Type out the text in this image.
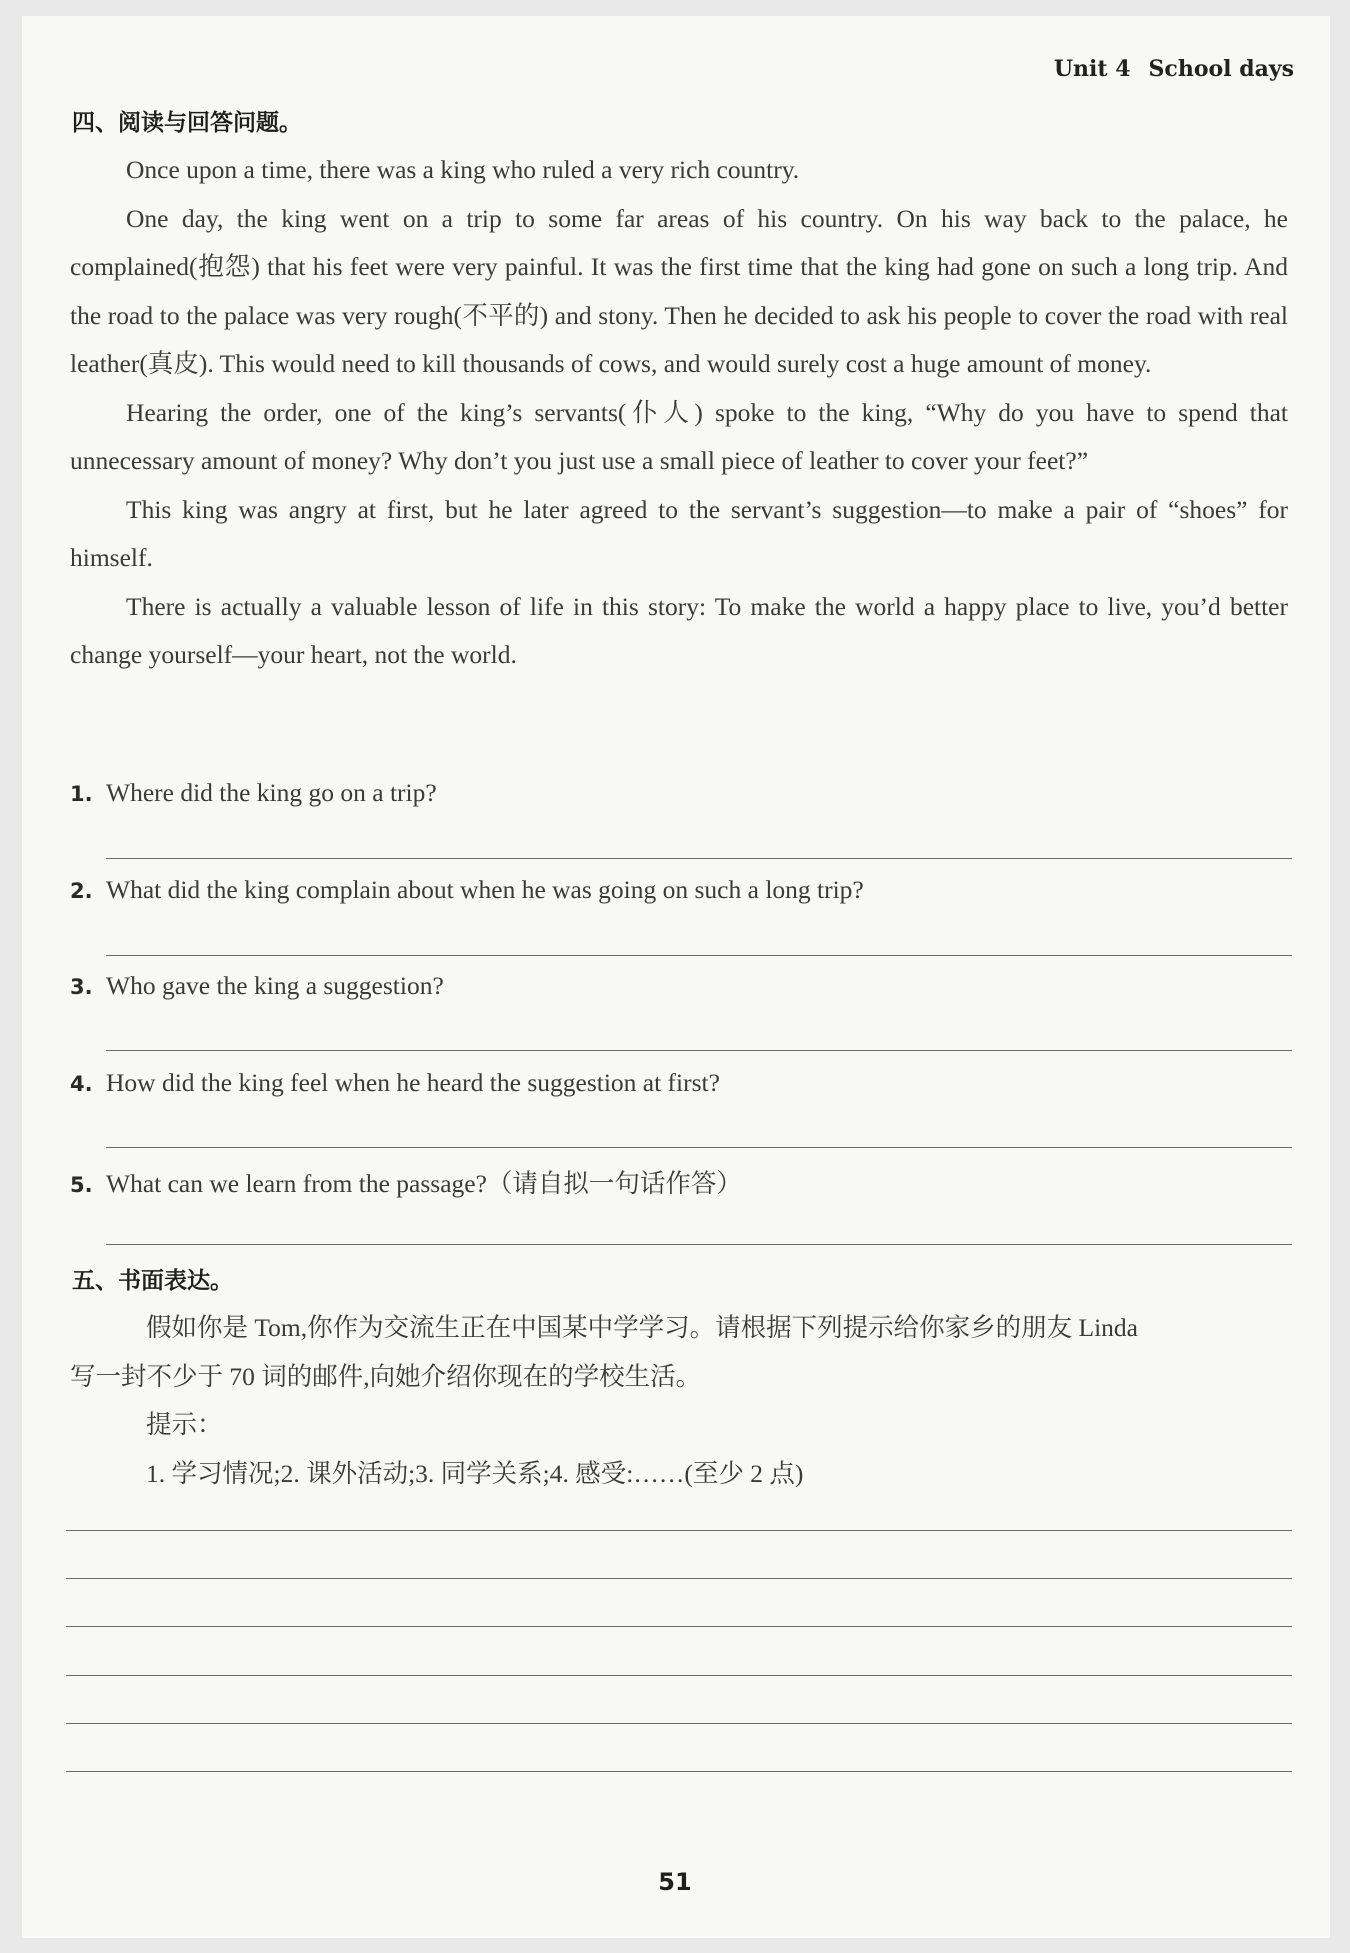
Unit 4 School days
四、阅读与回答问题。

Once upon a time, there was a king who ruled a very rich country.

One day, the king went on a trip to some far areas of his country. On his way back to the palace, he complained(抱怨) that his feet were very painful. It was the first time that the king had gone on such a long trip. And the road to the palace was very rough(不平的) and stony. Then he decided to ask his people to cover the road with real leather(真皮). This would need to kill thousands of cows, and would surely cost a huge amount of money.

Hearing the order, one of the king’s servants(仆人) spoke to the king, “Why do you have to spend that unnecessary amount of money? Why don’t you just use a small piece of leather to cover your feet?”

This king was angry at first, but he later agreed to the servant’s suggestion—to make a pair of “shoes” for himself.

There is actually a valuable lesson of life in this story: To make the world a happy place to live, you’d better change yourself—your heart, not the world.

1. Where did the king go on a trip?
2. What did the king complain about when he was going on such a long trip?
3. Who gave the king a suggestion?
4. How did the king feel when he heard the suggestion at first?
5. What can we learn from the passage?（请自拟一句话作答）
五、书面表达。
假如你是 Tom,你作为交流生正在中国某中学学习。请根据下列提示给你家乡的朋友 Linda
写一封不少于 70 词的邮件,向她介绍你现在的学校生活。
提示：
1. 学习情况;2. 课外活动;3. 同学关系;4. 感受:……(至少 2 点)
51
